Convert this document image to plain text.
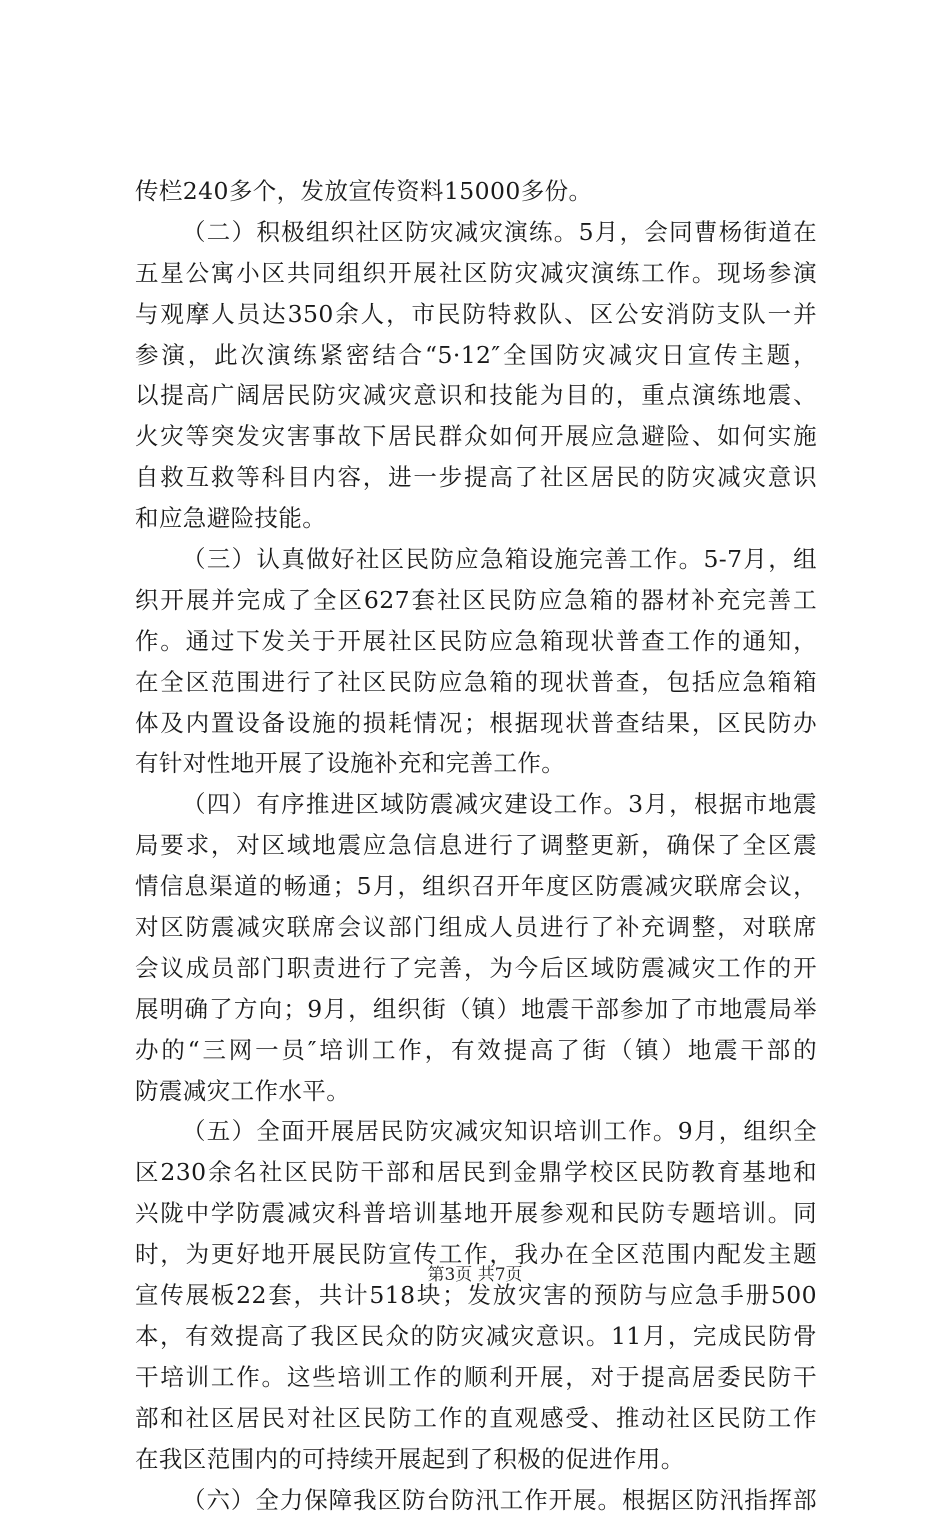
传栏240多个，发放宣传资料15000多份。
（二）积极组织社区防灾减灾演练。5月，会同曹杨街道在
五星公寓小区共同组织开展社区防灾减灾演练工作。现场参演
与观摩人员达350余人，市民防特救队、区公安消防支队一并
参演，此次演练紧密结合“5·12″全国防灾减灾日宣传主题，
以提高广阔居民防灾减灾意识和技能为目的，重点演练地震、
火灾等突发灾害事故下居民群众如何开展应急避险、如何实施
自救互救等科目内容，进一步提高了社区居民的防灾减灾意识
和应急避险技能。
（三）认真做好社区民防应急箱设施完善工作。5-7月，组
织开展并完成了全区627套社区民防应急箱的器材补充完善工
作。通过下发关于开展社区民防应急箱现状普查工作的通知，
在全区范围进行了社区民防应急箱的现状普查，包括应急箱箱
体及内置设备设施的损耗情况；根据现状普查结果，区民防办
有针对性地开展了设施补充和完善工作。
（四）有序推进区域防震减灾建设工作。3月，根据市地震
局要求，对区域地震应急信息进行了调整更新，确保了全区震
情信息渠道的畅通；5月，组织召开年度区防震减灾联席会议，
对区防震减灾联席会议部门组成人员进行了补充调整，对联席
会议成员部门职责进行了完善，为今后区域防震减灾工作的开
展明确了方向；9月，组织街（镇）地震干部参加了市地震局举
办的“三网一员″培训工作，有效提高了街（镇）地震干部的
防震减灾工作水平。
（五）全面开展居民防灾减灾知识培训工作。9月，组织全
区230余名社区民防干部和居民到金鼎学校区民防教育基地和
兴陇中学防震减灾科普培训基地开展参观和民防专题培训。同
时，为更好地开展民防宣传工作，我办在全区范围内配发主题
宣传展板22套，共计518块；发放灾害的预防与应急手册500
本，有效提高了我区民众的防灾减灾意识。11月，完成民防骨
干培训工作。这些培训工作的顺利开展，对于提高居委民防干
部和社区居民对社区民防工作的直观感受、推动社区民防工作
在我区范围内的可持续开展起到了积极的促进作用。
（六）全力保障我区防台防汛工作开展。根据区防汛指挥部
第3页 共7页
